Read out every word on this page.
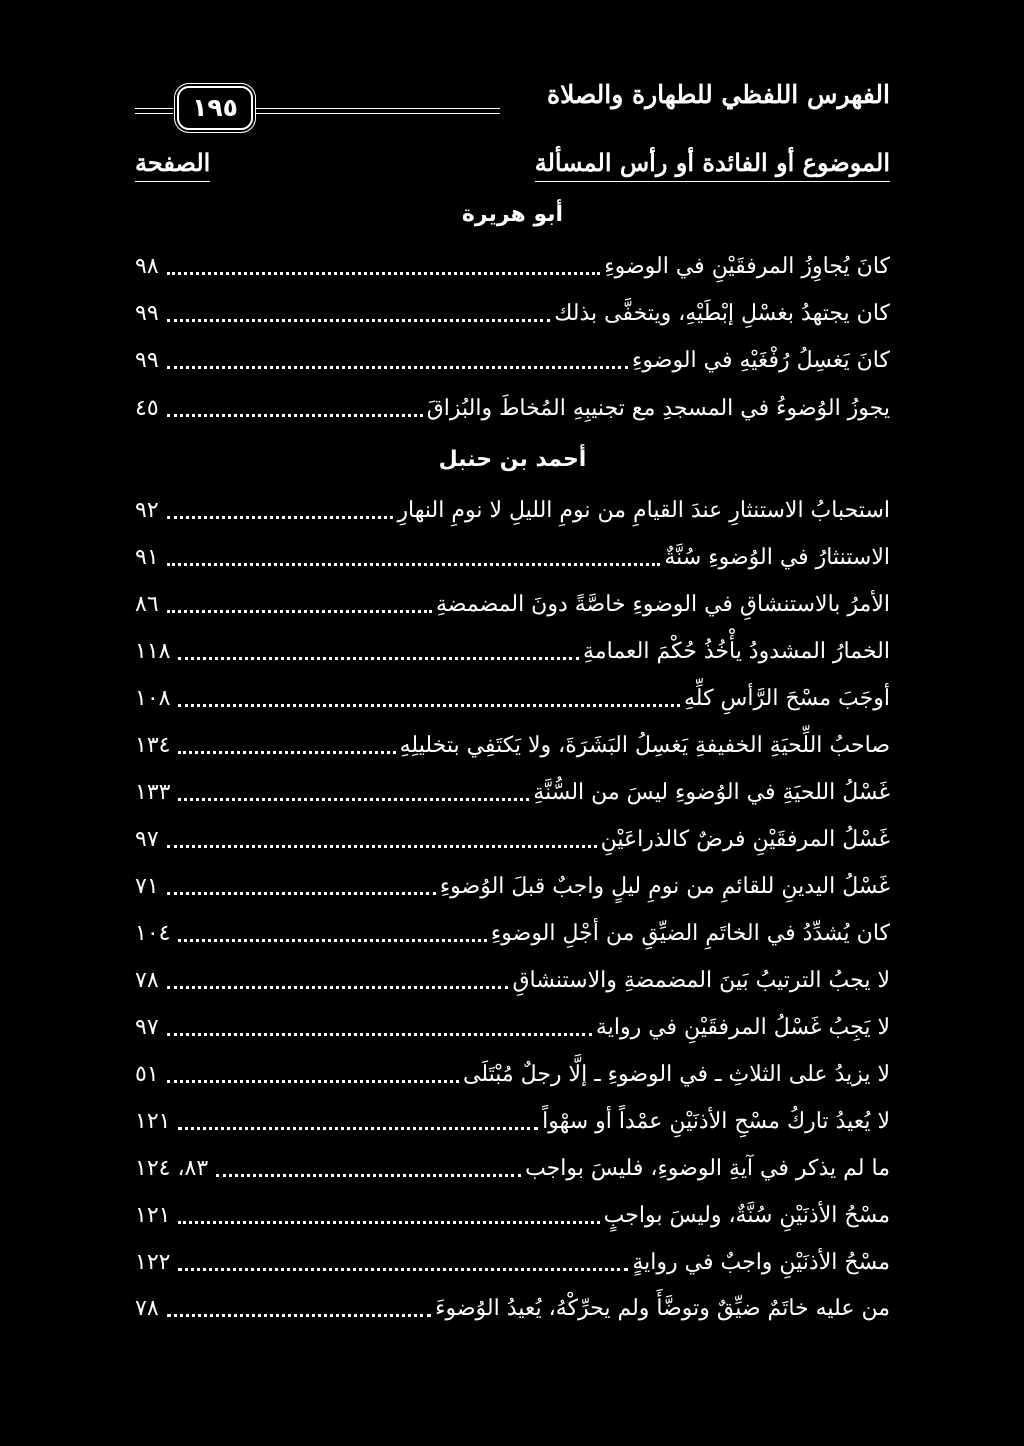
١٩٥	الفهرس اللفظي للطهارة والصلاة
الموضوع أو الفائدة أو رأس المسألة
الصفحة
أبو هريرة
كانَ يُجاوِزُ المرفقَيْنِ في الوضوءِ
٩٨
كان يجتهدُ بغسْلِ إبْطَيْهِ، ويتخفَّى بذلك
٩٩
كانَ يَغسِلُ رُفْغَيْهِ في الوضوءِ
٩٩
يجوزُ الوُضوءُ في المسجدِ مع تجنيبِهِ المُخاطَ والبُزاقَ
٤٥
أحمد بن حنبل
استحبابُ الاستنثارِ عندَ القيامِ من نومِ الليلِ لا نومِ النهارِ
٩٢
الاستنثارُ في الوُضوءِ سُنَّةٌ
٩١
الأمرُ بالاستنشاقِ في الوضوءِ خاصَّةً دونَ المضمضةِ
٨٦
الخمارُ المشدودُ يأْخُذُ حُكْمَ العمامةِ
١١٨
أوجَبَ مسْحَ الرَّأسِ كلِّهِ
١٠٨
صاحبُ اللِّحيَةِ الخفيفةِ يَغسِلُ البَشَرَةَ، ولا يَكتَفِي بتخليلِهِ
١٣٤
غَسْلُ اللحيَةِ في الوُضوءِ ليسَ من السُّنَّةِ
١٣٣
غَسْلُ المرفقَيْنِ فرضٌ كالذراعَيْنِ
٩٧
غَسْلُ اليدينِ للقائمِ من نومِ ليلٍ واجبٌ قبلَ الوُضوءِ
٧١
كان يُشدِّدُ في الخاتَمِ الضيِّقِ من أجْلِ الوضوءِ
١٠٤
لا يجبُ الترتيبُ بَينَ المضمضةِ والاستنشاقِ
٧٨
لا يَجِبُ غَسْلُ المرفقَيْنِ في رواية
٩٧
لا يزيدُ على الثلاثِ ـ في الوضوءِ ـ إلَّا رجلٌ مُبْتَلَى
٥١
لا يُعيدُ تاركُ مسْحِ الأذنَيْنِ عمْداً أو سهْواً
١٢١
ما لم يذكر في آيةِ الوضوءِ، فليسَ بواجب
٨٣، ١٢٤
مسْحُ الأذنَيْنِ سُنَّةٌ، وليسَ بواجبٍ
١٢١
مسْحُ الأذنَيْنِ واجبٌ في روايةٍ
١٢٢
من عليه خاتَمٌ ضيِّقٌ وتوضَّأَ ولم يحرِّكْهُ، يُعيدُ الوُضوءَ
٧٨
